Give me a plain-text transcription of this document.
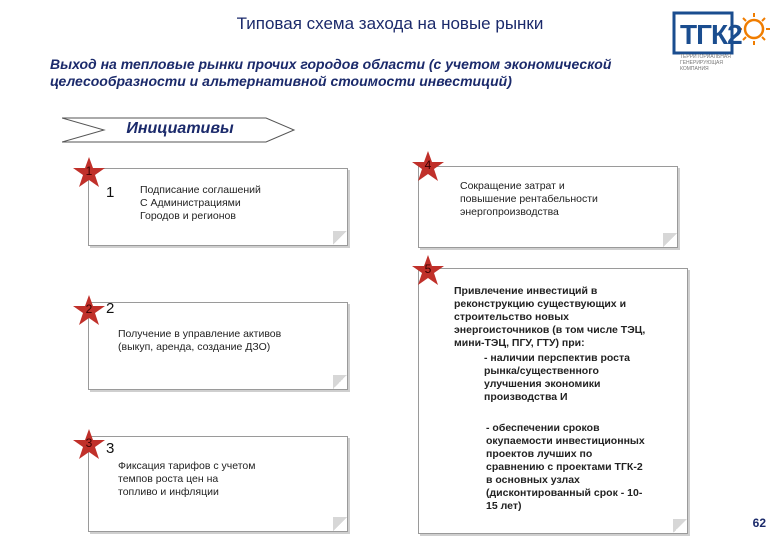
Типовая схема захода на новые рынки	ТГК2
ТЕРРИТОРИАЛЬНАЯ ГЕНЕРИРУЮЩАЯ КОМПАНИЯ
Выход на тепловые рынки прочих городов области (с учетом экономической целесообразности и альтернативной стоимости инвестиций)
Инициативы
1 Подписание соглашений
С Администрациями
Городов и регионов
2
Получение в управление активов
(выкуп, аренда, создание ДЗО)
3
Фиксация тарифов с учетом
темпов роста цен на
топливо и инфляции
Сокращение затрат и
повышение рентабельности
энергопроизводства
Привлечение инвестиций в
реконструкцию существующих и
строительство новых
энергоисточников (в том числе ТЭЦ,
мини-ТЭЦ, ПГУ, ГТУ) при:
- наличии перспектив роста
рынка/существенного
улучшения экономики
производства И
- обеспечении сроков
окупаемости инвестиционных
проектов лучших по
сравнению с проектами ТГК-2
в основных узлах
(дисконтированный срок - 10-
15 лет)
1
2
3
4
5
62
